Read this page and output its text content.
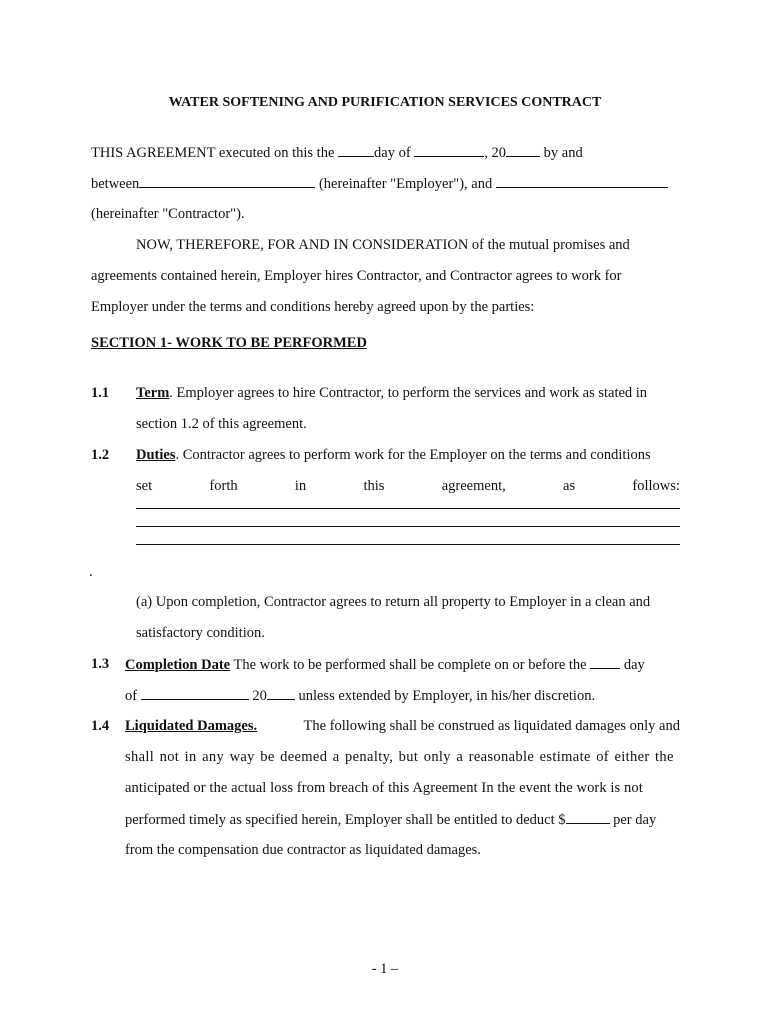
WATER SOFTENING AND PURIFICATION SERVICES CONTRACT
THIS AGREEMENT executed on this the	day of	, 20	by and
between	(hereinafter "Employer"), and
(hereinafter "Contractor").
NOW, THEREFORE, FOR AND IN CONSIDERATION of the mutual promises and
agreements contained herein, Employer hires Contractor, and Contractor agrees to work for
Employer under the terms and conditions hereby agreed upon by the parties:
SECTION 1- WORK TO BE PERFORMED
1.1 Term. Employer agrees to hire Contractor, to perform the services and work as stated in
section 1.2 of this agreement.
1.2 Duties. Contractor agrees to perform work for the Employer on the terms and conditions
set	forth	in	this	agreement,	as	follows:
.
(a) Upon completion, Contractor agrees to return all property to Employer in a clean and
satisfactory condition.
1.3 Completion Date The work to be performed shall be complete on or before the	day
of	20 unless extended by Employer, in his/her discretion.
1.4 Liquidated Damages.	The following shall be construed as liquidated damages only and
shall not in any way be deemed a penalty, but only a reasonable estimate of either the
anticipated or the actual loss from breach of this Agreement In the event the work is not
performed timely as specified herein, Employer shall be entitled to deduct $	per day
from the compensation due contractor as liquidated damages.
- 1 –
